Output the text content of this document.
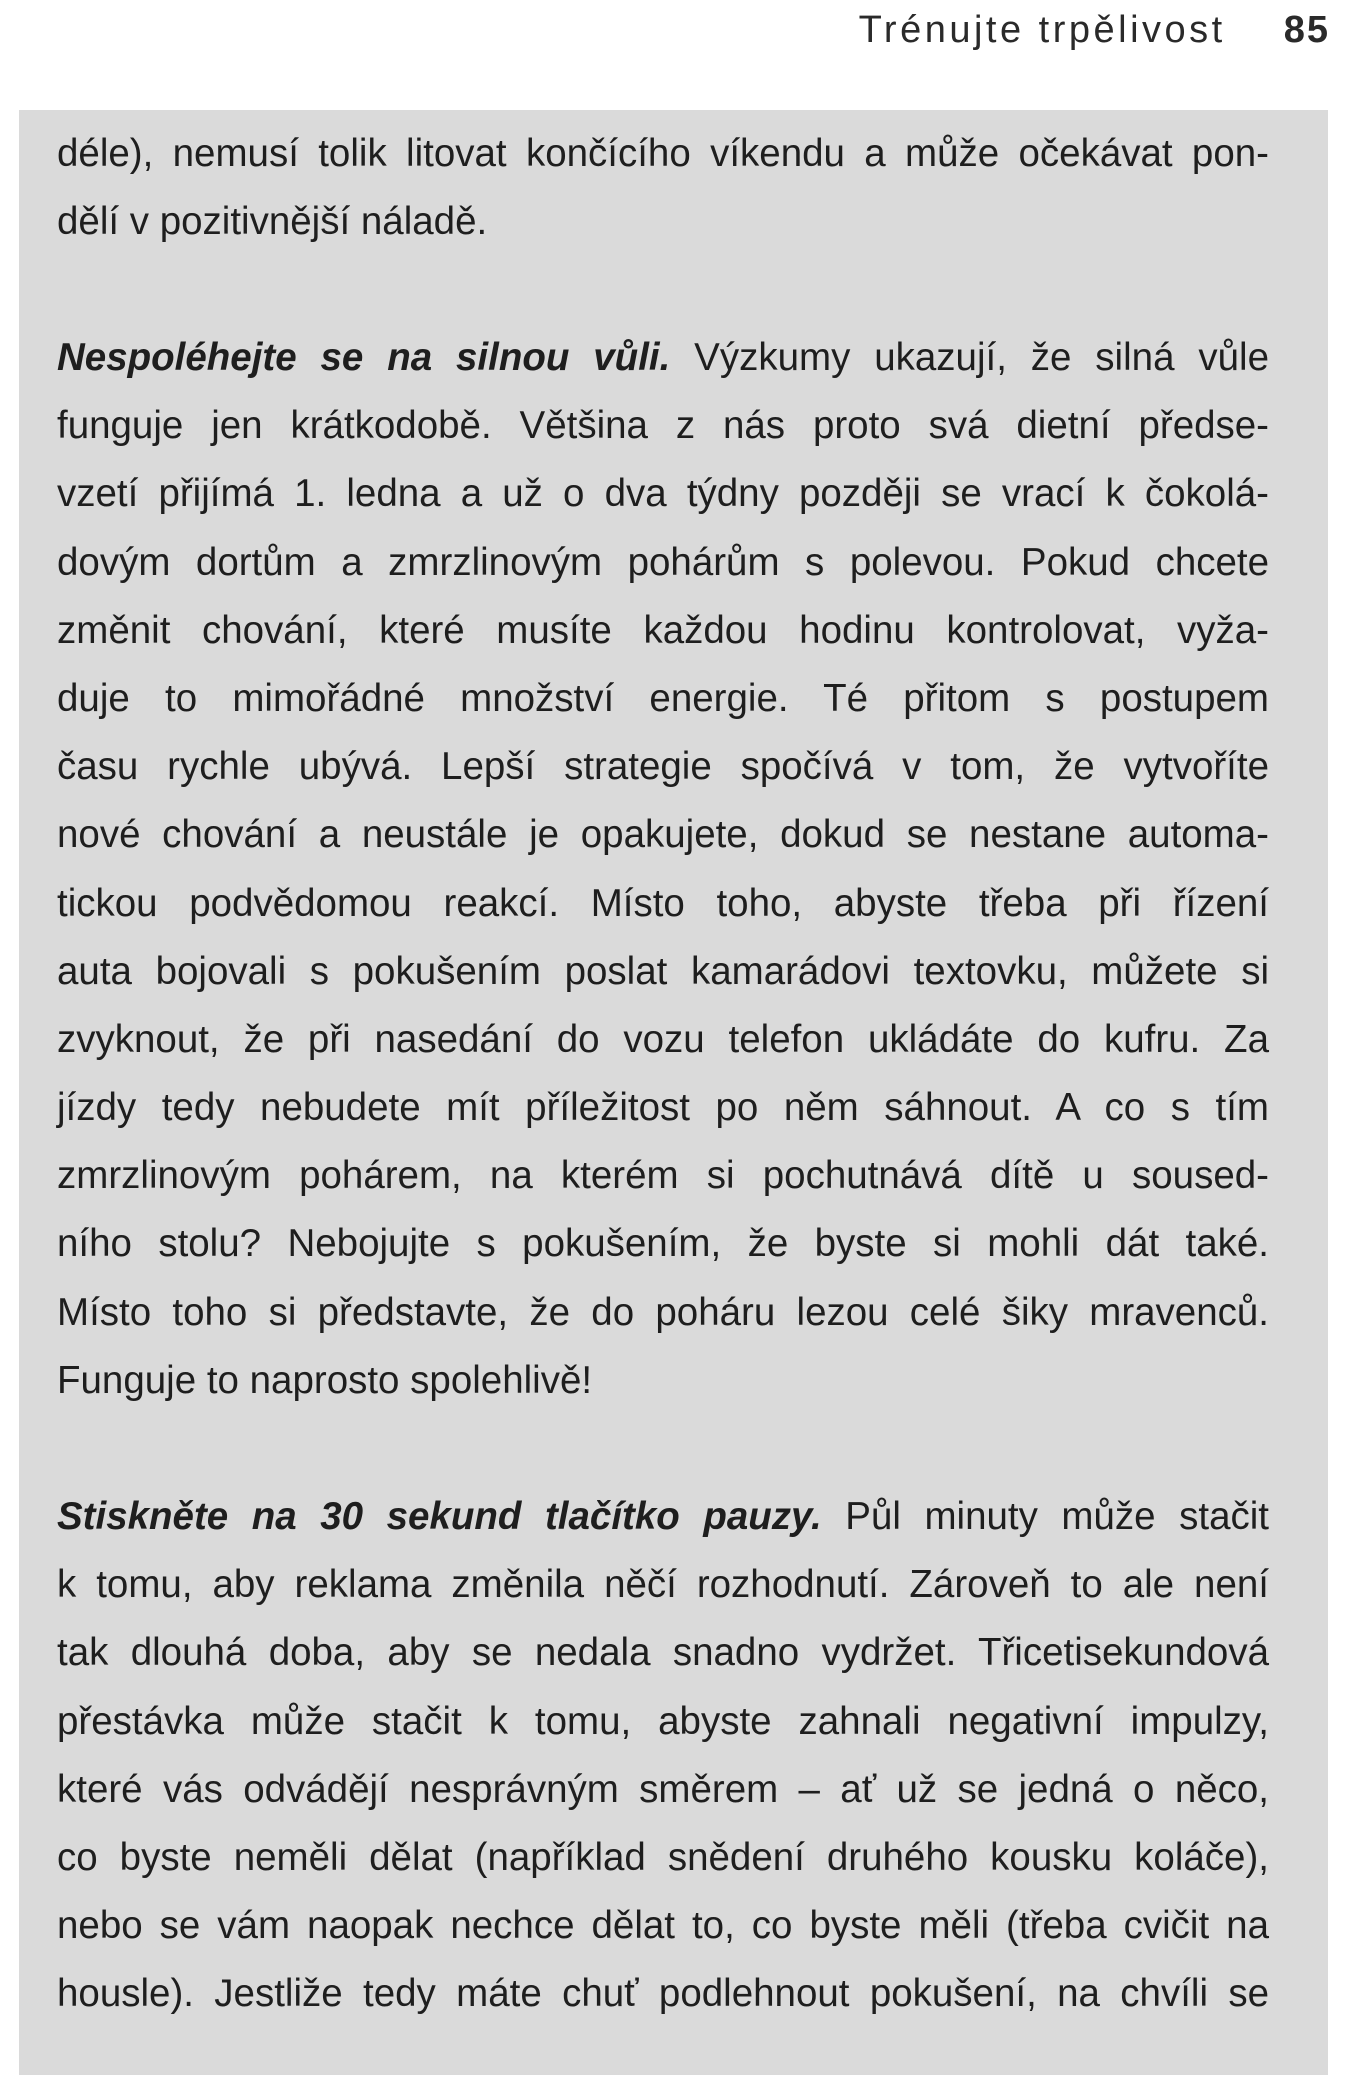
Trénujte trpělivost 85
déle), nemusí tolik litovat končícího víkendu a může očekávat pon-
dělí v pozitivnější náladě.
Nespoléhejte se na silnou vůli. Výzkumy ukazují, že silná vůle
funguje jen krátkodobě. Většina z nás proto svá dietní předse-
vzetí přijímá 1. ledna a už o dva týdny později se vrací k čokolá-
dovým dortům a zmrzlinovým pohárům s polevou. Pokud chcete
změnit chování, které musíte každou hodinu kontrolovat, vyža-
duje to mimořádné množství energie. Té přitom s postupem
času rychle ubývá. Lepší strategie spočívá v tom, že vytvoříte
nové chování a neustále je opakujete, dokud se nestane automa-
tickou podvědomou reakcí. Místo toho, abyste třeba při řízení
auta bojovali s pokušením poslat kamarádovi textovku, můžete si
zvyknout, že při nasedání do vozu telefon ukládáte do kufru. Za
jízdy tedy nebudete mít příležitost po něm sáhnout. A co s tím
zmrzlinovým pohárem, na kterém si pochutnává dítě u soused-
ního stolu? Nebojujte s pokušením, že byste si mohli dát také.
Místo toho si představte, že do poháru lezou celé šiky mravenců.
Funguje to naprosto spolehlivě!
Stiskněte na 30 sekund tlačítko pauzy. Půl minuty může stačit
k tomu, aby reklama změnila něčí rozhodnutí. Zároveň to ale není
tak dlouhá doba, aby se nedala snadno vydržet. Třicetisekundová
přestávka může stačit k tomu, abyste zahnali negativní impulzy,
které vás odvádějí nesprávným směrem – ať už se jedná o něco,
co byste neměli dělat (například snědení druhého kousku koláče),
nebo se vám naopak nechce dělat to, co byste měli (třeba cvičit na
housle). Jestliže tedy máte chuť podlehnout pokušení, na chvíli se
